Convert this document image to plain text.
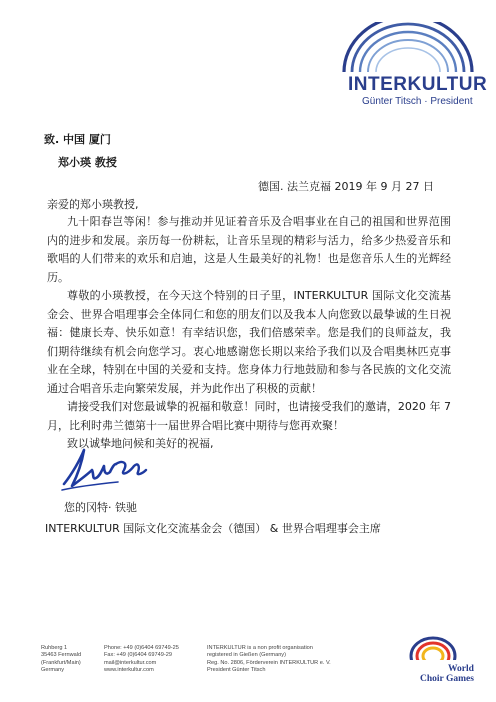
INTERKULTUR
Günter Titsch · President
致. 中国 厦门
郑小瑛 教授
德国. 法兰克福 2019 年 9 月 27 日
亲爱的郑小瑛教授,

九十阳春岂等闲！参与推动并见证着音乐及合唱事业在自己的祖国和世界范围内的进步和发展。亲历每一份耕耘，让音乐呈现的精彩与活力，给多少热爱音乐和歌唱的人们带来的欢乐和启迪，这是人生最美好的礼物！也是您音乐人生的光辉经历。

尊敬的小瑛教授，在今天这个特别的日子里，INTERKULTUR 国际文化交流基金会、世界合唱理事会全体同仁和您的朋友们以及我本人向您致以最挚诚的生日祝福：健康长寿、快乐如意！有幸结识您，我们倍感荣幸。您是我们的良师益友，我们期待继续有机会向您学习。衷心地感谢您长期以来给予我们以及合唱奥林匹克事业在全球，特别在中国的关爱和支持。您身体力行地鼓励和参与各民族的文化交流通过合唱音乐走向繁荣发展，并为此作出了积极的贡献！

请接受我们对您最诚挚的祝福和敬意！同时，也请接受我们的邀请，2020 年 7 月，比利时弗兰德第十一届世界合唱比赛中期待与您再欢聚！

致以诚挚地问候和美好的祝福,

您的冈特· 铁驰
INTERKULTUR 国际文化交流基金会（德国） & 世界合唱理事会主席
Ruhberg 1
35463 Fernwald
(Frankfurt/Main)
Germany
Phone: +49 (0)6404 69749-25
Fax: +49 (0)6404 69749-29
mail@interkultur.com
www.interkultur.com
INTERKULTUR is a non profit organisation
registered in Gießen (Germany)
Reg. No. 2806, Förderverein INTERKULTUR e. V.
President Günter Titsch	World
Choir Games
